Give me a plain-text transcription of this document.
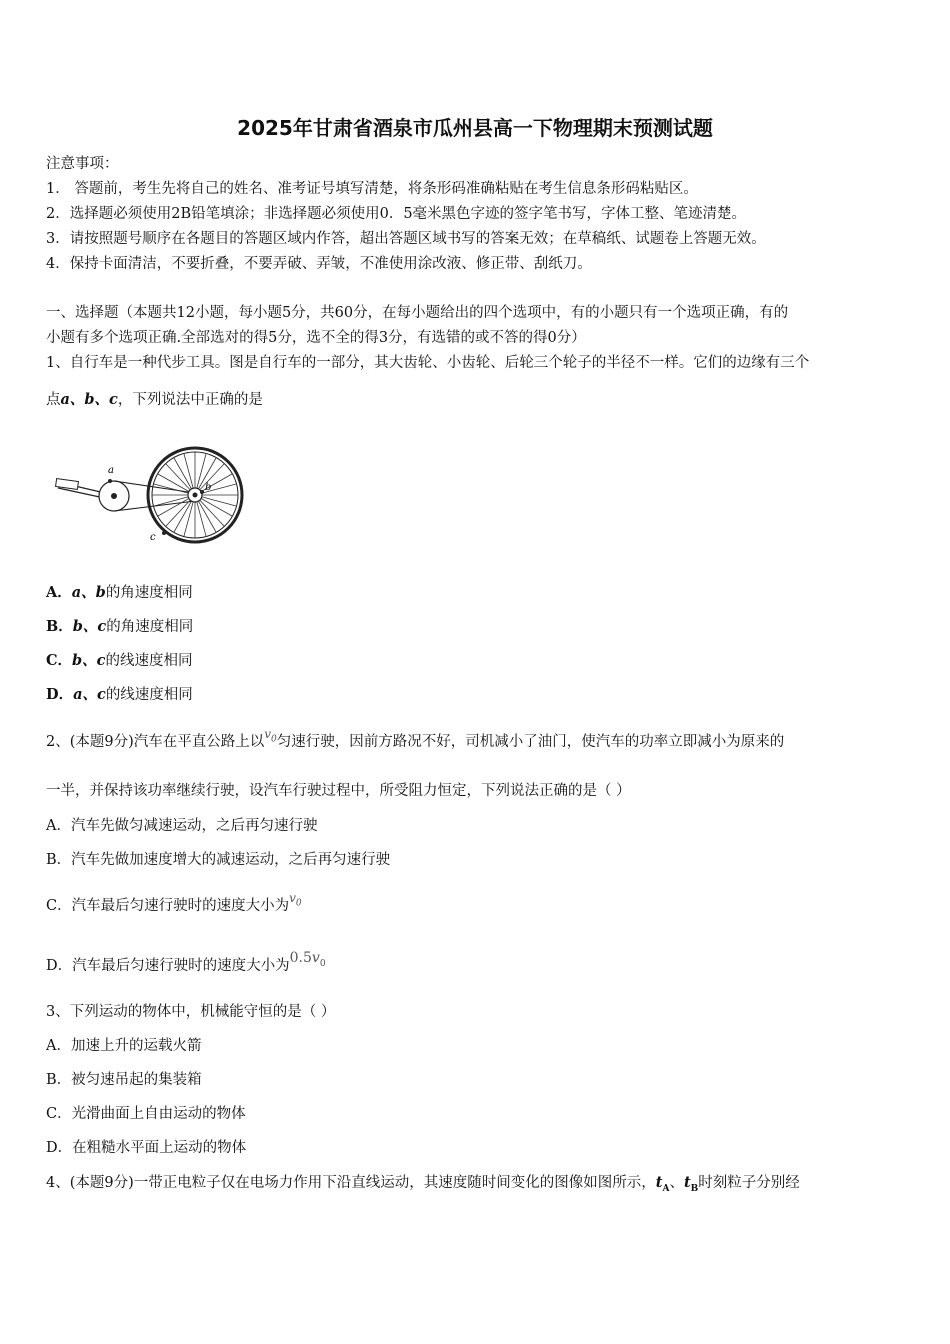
2025年甘肃省酒泉市瓜州县高一下物理期末预测试题
注意事项：
1． 答题前，考生先将自己的姓名、准考证号填写清楚，将条形码准确粘贴在考生信息条形码粘贴区。
2．选择题必须使用2B铅笔填涂；非选择题必须使用0．5毫米黑色字迹的签字笔书写，字体工整、笔迹清楚。
3．请按照题号顺序在各题目的答题区域内作答，超出答题区域书写的答案无效；在草稿纸、试题卷上答题无效。
4．保持卡面清洁，不要折叠，不要弄破、弄皱，不准使用涂改液、修正带、刮纸刀。
一、选择题（本题共12小题，每小题5分，共60分，在每小题给出的四个选项中，有的小题只有一个选项正确，有的
小题有多个选项正确.全部选对的得5分，选不全的得3分，有选错的或不答的得0分）
1、自行车是一种代步工具。图是自行车的一部分，其大齿轮、小齿轮、后轮三个轮子的半径不一样。它们的边缘有三个
点a、b、c，下列说法中正确的是
a
b
c
A．a、b的角速度相同
B．b、c的角速度相同
C．b、c的线速度相同
D．a、c的线速度相同
2、(本题9分)汽车在平直公路上以$^{v_0}$匀速行驶，因前方路况不好，司机减小了油门，使汽车的功率立即减小为原来的
一半，并保持该功率继续行驶，设汽车行驶过程中，所受阻力恒定，下列说法正确的是（ ）
A．汽车先做匀减速运动，之后再匀速行驶
B．汽车先做加速度增大的减速运动，之后再匀速行驶
C．汽车最后匀速行驶时的速度大小为$^{v_0}$
D．汽车最后匀速行驶时的速度大小为$0.5v_0$
3、下列运动的物体中，机械能守恒的是（ ）
A．加速上升的运载火箭
B．被匀速吊起的集装箱
C．光滑曲面上自由运动的物体
D．在粗糙水平面上运动的物体
4、(本题9分)一带正电粒子仅在电场力作用下沿直线运动，其速度随时间变化的图像如图所示，$t_A$、$t_B$时刻粒子分别经
